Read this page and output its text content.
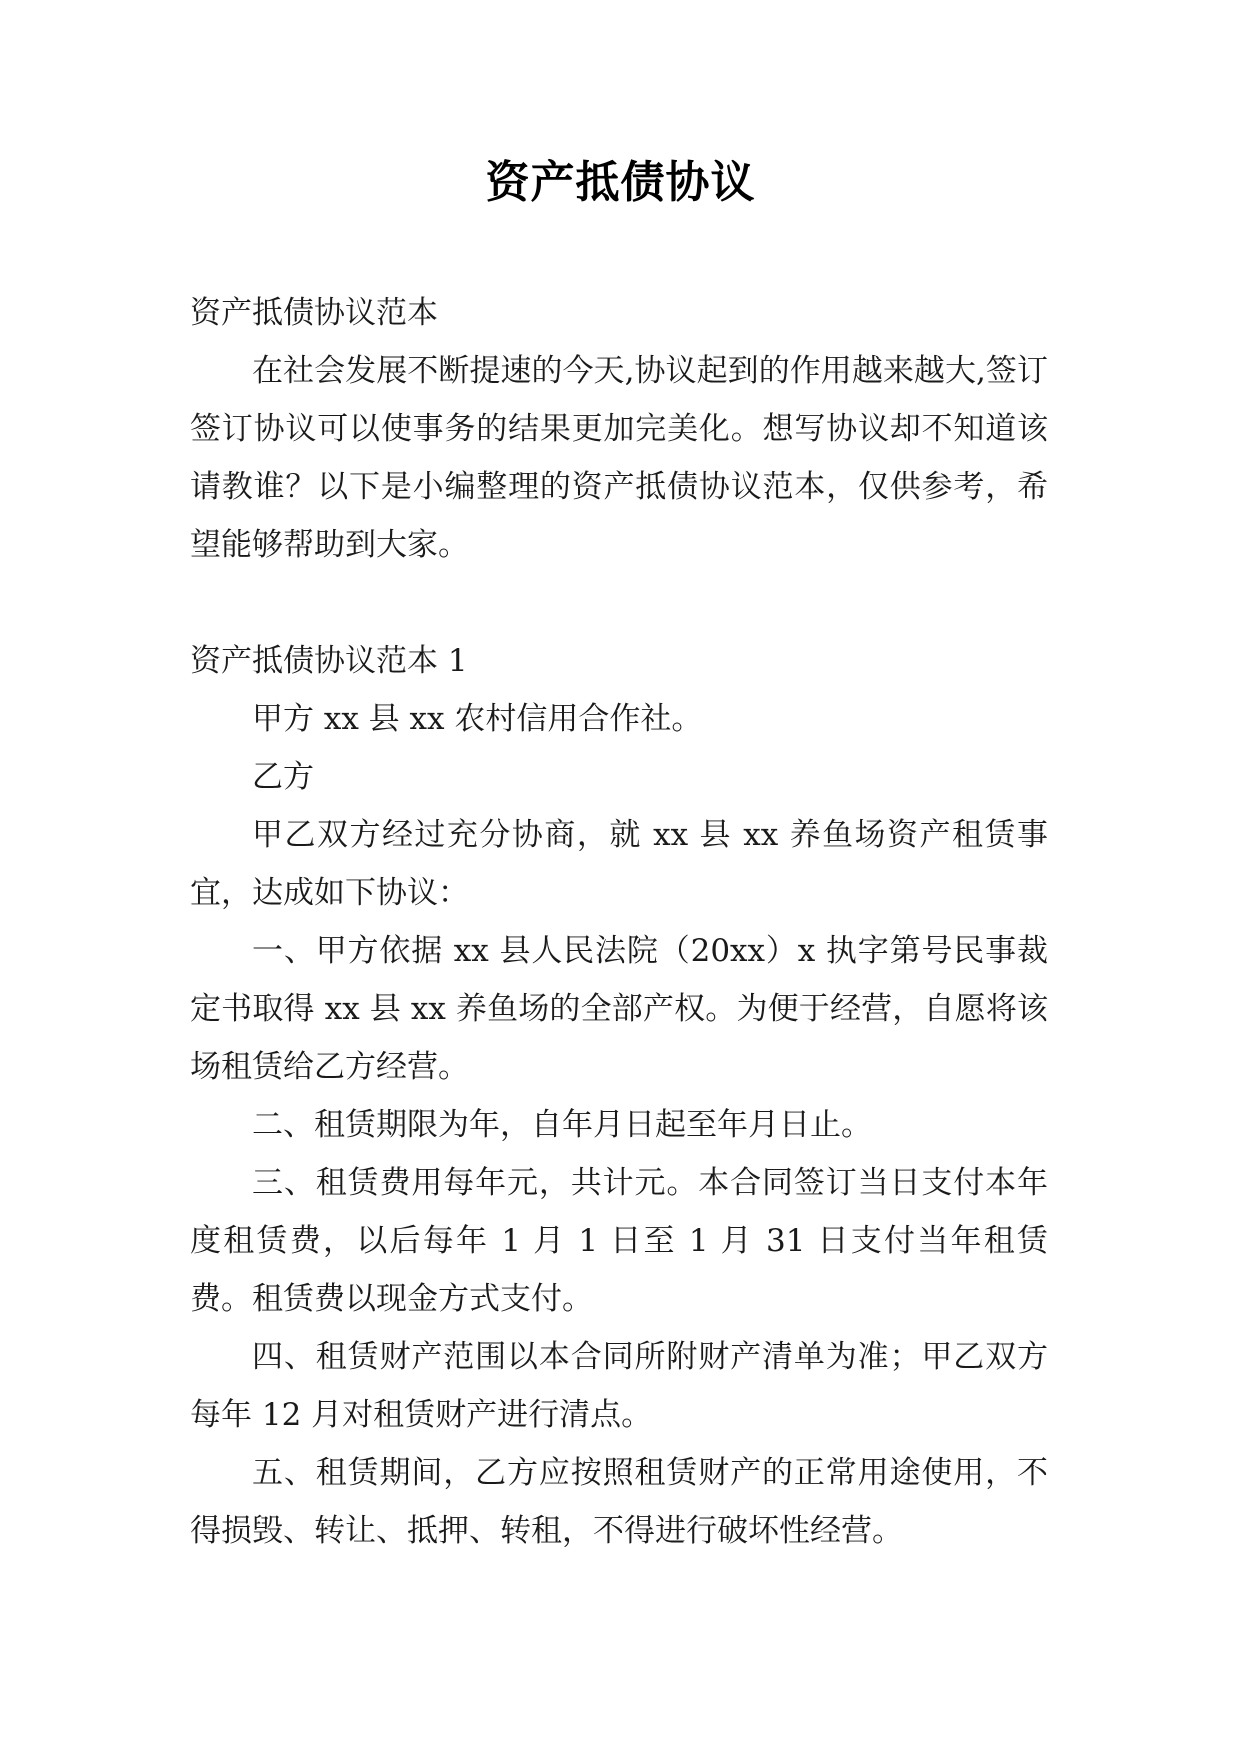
资产抵债协议

资产抵债协议范本

在社会发展不断提速的今天,协议起到的作用越来越大,签订签订协议可以使事务的结果更加完美化。想写协议却不知道该请教谁？以下是小编整理的资产抵债协议范本，仅供参考，希望能够帮助到大家。

资产抵债协议范本 1

甲方 xx 县 xx 农村信用合作社。

乙方

甲乙双方经过充分协商，就 xx 县 xx 养鱼场资产租赁事宜，达成如下协议：

一、甲方依据 xx 县人民法院（20xx）x 执字第号民事裁定书取得 xx 县 xx 养鱼场的全部产权。为便于经营，自愿将该场租赁给乙方经营。

二、租赁期限为年，自年月日起至年月日止。

三、租赁费用每年元，共计元。本合同签订当日支付本年度租赁费，以后每年 1 月 1 日至 1 月 31 日支付当年租赁费。租赁费以现金方式支付。

四、租赁财产范围以本合同所附财产清单为准；甲乙双方每年 12 月对租赁财产进行清点。

五、租赁期间，乙方应按照租赁财产的正常用途使用，不得损毁、转让、抵押、转租，不得进行破坏性经营。
